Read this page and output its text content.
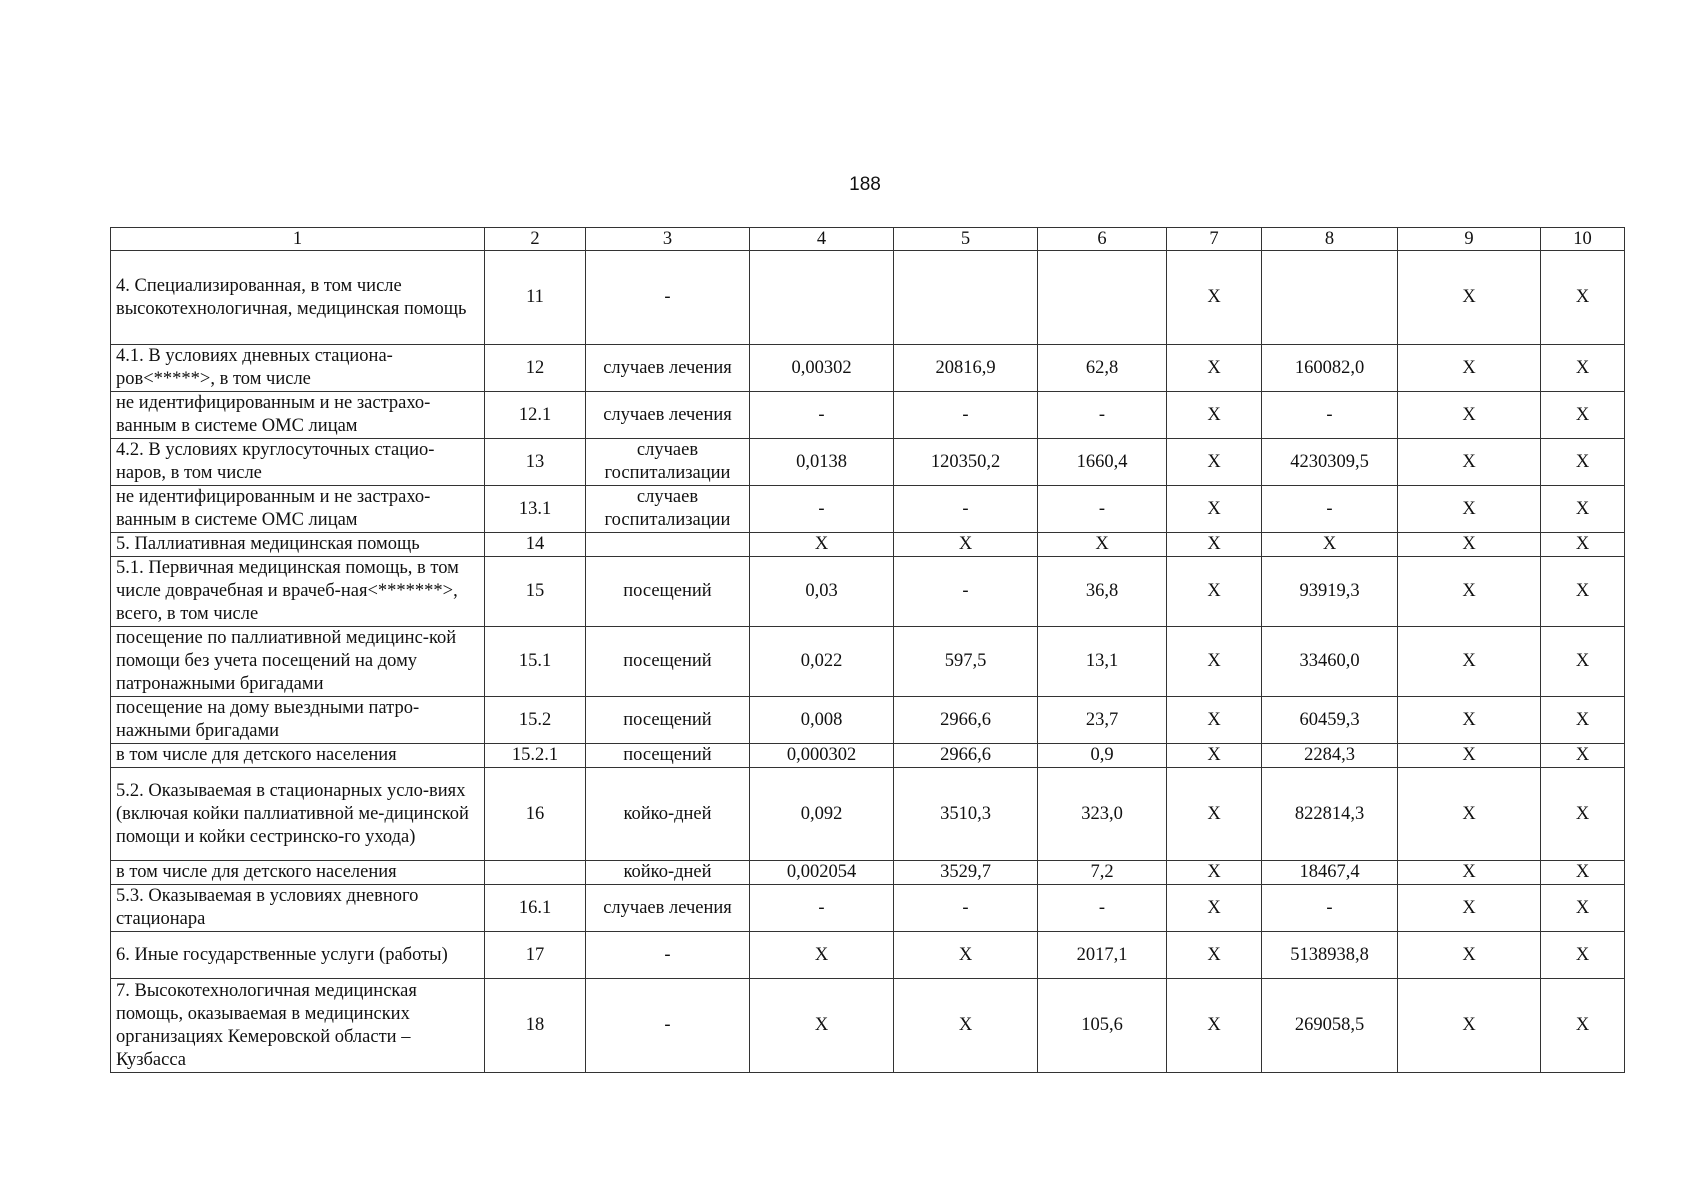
188
1	2	3	4	5	6	7	8	9	10
4. Специализированная, в том числе высокотехнологичная, медицинская помощь	11	-				Х		Х	Х
4.1. В условиях дневных стациона-ров<*****>, в том числе	12	случаев лечения	0,00302	20816,9	62,8	Х	160082,0	Х	Х
не идентифицированным и не застрахо-ванным в системе ОМС лицам	12.1	случаев лечения	-	-	-	Х	-	Х	Х
4.2. В условиях круглосуточных стацио-наров, в том числе	13	случаев госпитализации	0,0138	120350,2	1660,4	Х	4230309,5	Х	Х
не идентифицированным и не застрахо-ванным в системе ОМС лицам	13.1	случаев госпитализации	-	-	-	Х	-	Х	Х
5. Паллиативная медицинская помощь	14		Х	Х	Х	Х	Х	Х	Х
5.1. Первичная медицинская помощь, в том числе доврачебная и врачеб-ная<*******>, всего, в том числе	15	посещений	0,03	-	36,8	Х	93919,3	Х	Х
посещение по паллиативной медицинс-кой помощи без учета посещений на дому патронажными бригадами	15.1	посещений	0,022	597,5	13,1	Х	33460,0	Х	Х
посещение на дому выездными патро-нажными бригадами	15.2	посещений	0,008	2966,6	23,7	Х	60459,3	Х	Х
в том числе для детского населения	15.2.1	посещений	0,000302	2966,6	0,9	Х	2284,3	Х	Х
5.2. Оказываемая в стационарных усло-виях (включая койки паллиативной ме-дицинской помощи и койки сестринско-го ухода)	16	койко-дней	0,092	3510,3	323,0	Х	822814,3	Х	Х
в том числе для детского населения		койко-дней	0,002054	3529,7	7,2	Х	18467,4	Х	Х
5.3. Оказываемая в условиях дневного стационара	16.1	случаев лечения	-	-	-	Х	-	Х	Х
6. Иные государственные услуги (работы)	17	-	Х	Х	2017,1	Х	5138938,8	Х	Х
7. Высокотехнологичная медицинская помощь, оказываемая в медицинских организациях Кемеровской области – Кузбасса	18	-	Х	Х	105,6	Х	269058,5	Х	Х
